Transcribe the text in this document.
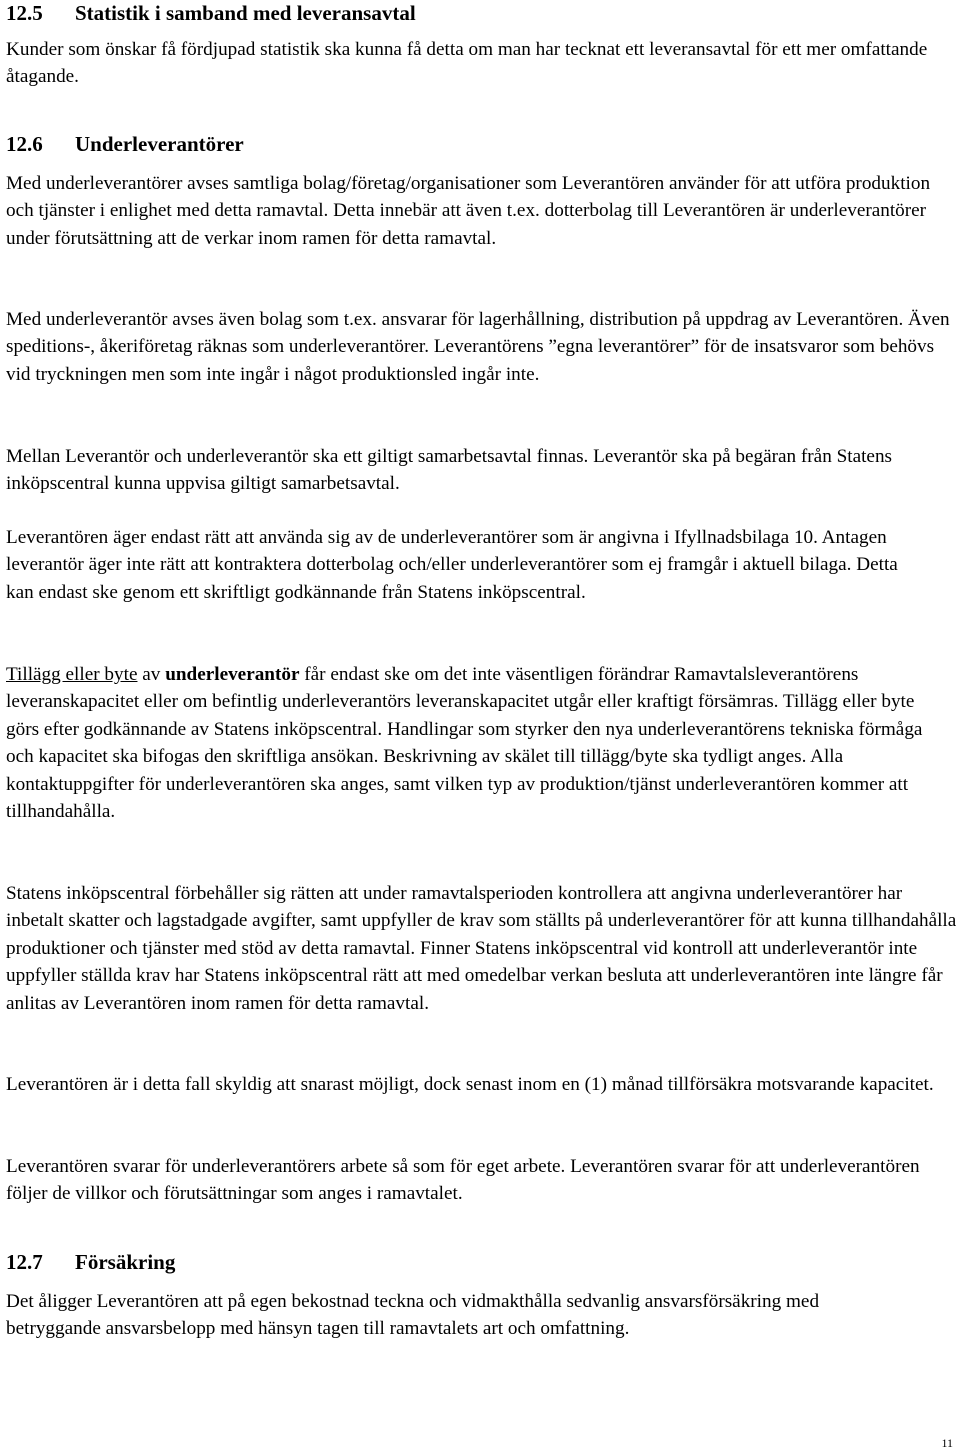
12.5 Statistik i samband med leveransavtal

Kunder som önskar få fördjupad statistik ska kunna få detta om man har tecknat ett leveransavtal för ett mer omfattande åtagande.

12.6 Underleverantörer

Med underleverantörer avses samtliga bolag/företag/organisationer som Leverantören använder för att utföra produktion och tjänster i enlighet med detta ramavtal. Detta innebär att även t.ex. dotterbolag till Leverantören är underleverantörer under förutsättning att de verkar inom ramen för detta ramavtal.

Med underleverantör avses även bolag som t.ex. ansvarar för lagerhållning, distribution på uppdrag av Leverantören. Även speditions-, åkeriföretag räknas som underleverantörer. Leverantörens ”egna leverantörer” för de insatsvaror som behövs vid tryckningen men som inte ingår i något produktionsled ingår inte.

Mellan Leverantör och underleverantör ska ett giltigt samarbetsavtal finnas. Leverantör ska på begäran från Statens inköpscentral kunna uppvisa giltigt samarbetsavtal.

Leverantören äger endast rätt att använda sig av de underleverantörer som är angivna i Ifyllnadsbilaga 10. Antagen leverantör äger inte rätt att kontraktera dotterbolag och/eller underleverantörer som ej framgår i aktuell bilaga. Detta kan endast ske genom ett skriftligt godkännande från Statens inköpscentral.

Tillägg eller byte av underleverantör får endast ske om det inte väsentligen förändrar Ramavtalsleverantörens leveranskapacitet eller om befintlig underleverantörs leveranskapacitet utgår eller kraftigt försämras. Tillägg eller byte görs efter godkännande av Statens inköpscentral. Handlingar som styrker den nya underleverantörens tekniska förmåga och kapacitet ska bifogas den skriftliga ansökan. Beskrivning av skälet till tillägg/byte ska tydligt anges. Alla kontaktuppgifter för underleverantören ska anges, samt vilken typ av produktion/tjänst underleverantören kommer att tillhandahålla.

Statens inköpscentral förbehåller sig rätten att under ramavtalsperioden kontrollera att angivna underleverantörer har inbetalt skatter och lagstadgade avgifter, samt uppfyller de krav som ställts på underleverantörer för att kunna tillhandahålla produktioner och tjänster med stöd av detta ramavtal. Finner Statens inköpscentral vid kontroll att underleverantör inte uppfyller ställda krav har Statens inköpscentral rätt att med omedelbar verkan besluta att underleverantören inte längre får anlitas av Leverantören inom ramen för detta ramavtal.

Leverantören är i detta fall skyldig att snarast möjligt, dock senast inom en (1) månad tillförsäkra motsvarande kapacitet.

Leverantören svarar för underleverantörers arbete så som för eget arbete. Leverantören svarar för att underleverantören följer de villkor och förutsättningar som anges i ramavtalet.

12.7 Försäkring

Det åligger Leverantören att på egen bekostnad teckna och vidmakthålla sedvanlig ansvarsförsäkring med betryggande ansvarsbelopp med hänsyn tagen till ramavtalets art och omfattning.

11
